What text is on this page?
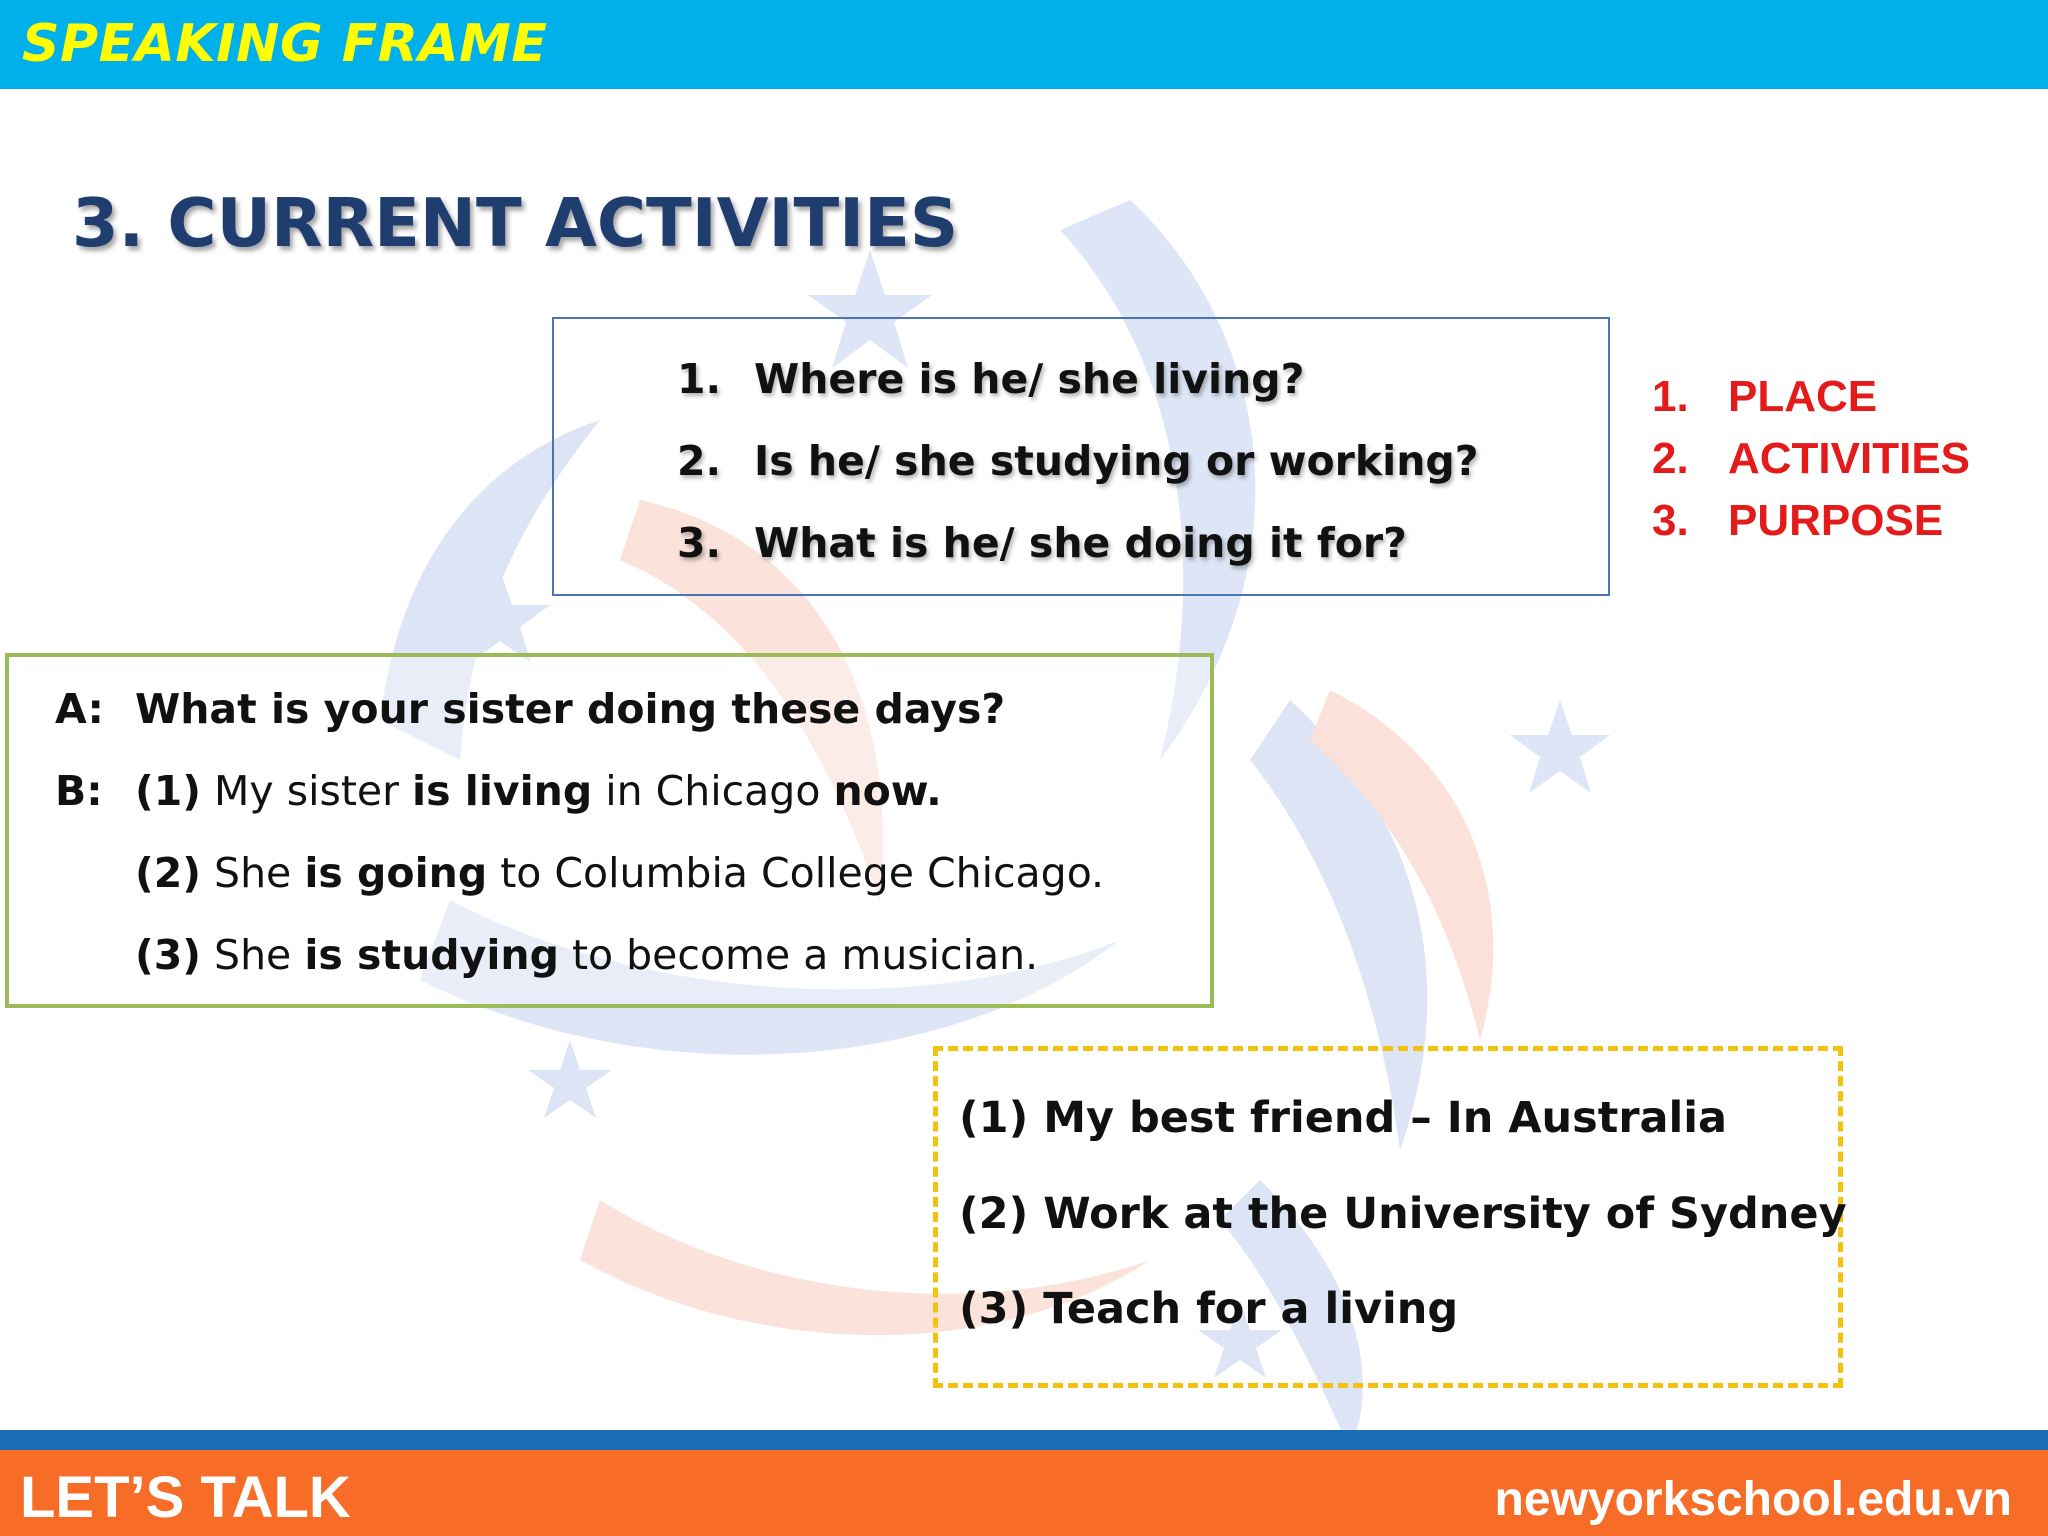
SPEAKING FRAME
3. CURRENT ACTIVITIES
1. Where is he/ she living?
2. Is he/ she studying or working?
3. What is he/ she doing it for?
1. PLACE
2. ACTIVITIES
3. PURPOSE
A: What is your sister doing these days?
B: (1) My sister is living in Chicago now.
(2) She is going to Columbia College Chicago.
(3) She is studying to become a musician.
(1) My best friend – In Australia
(2) Work at the University of Sydney
(3) Teach for a living
LET’S TALK	newyorkschool.edu.vn
